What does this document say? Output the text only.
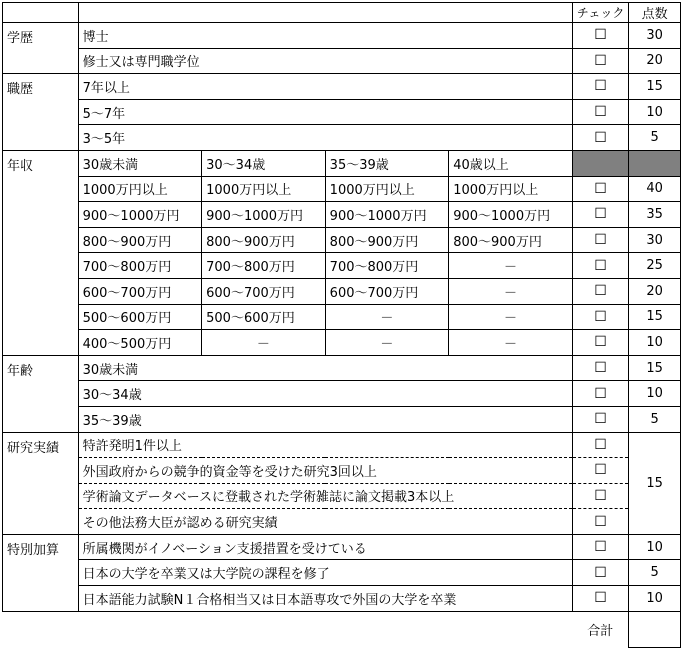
					チェック	点数
学歴	博士				☐	30
	修士又は専門職学位				☐	20
職歴	7年以上				☐	15
	5～7年				☐	10
	3～5年				☐	5
年収	30歳未満	30～34歳	35～39歳	40歳以上		
	1000万円以上	1000万円以上	1000万円以上	1000万円以上	☐	40
	900～1000万円	900～1000万円	900～1000万円	900～1000万円	☐	35
	800～900万円	800～900万円	800～900万円	800～900万円	☐	30
	700～800万円	700～800万円	700～800万円	－	☐	25
	600～700万円	600～700万円	600～700万円	－	☐	20
	500～600万円	500～600万円	－	－	☐	15
	400～500万円	－	－	－	☐	10
年齢	30歳未満				☐	15
	30～34歳				☐	10
	35～39歳				☐	5
研究実績	特許発明1件以上				☐	15
	外国政府からの競争的資金等を受けた研究3回以上				☐	
	学術論文データベースに登載された学術雑誌に論文掲載3本以上				☐	
	その他法務大臣が認める研究実績				☐	
特別加算	所属機関がイノベーション支援措置を受けている				☐	10
	日本の大学を卒業又は大学院の課程を修了				☐	5
	日本語能力試験N１合格相当又は日本語専攻で外国の大学を卒業				☐	10
					合計	
